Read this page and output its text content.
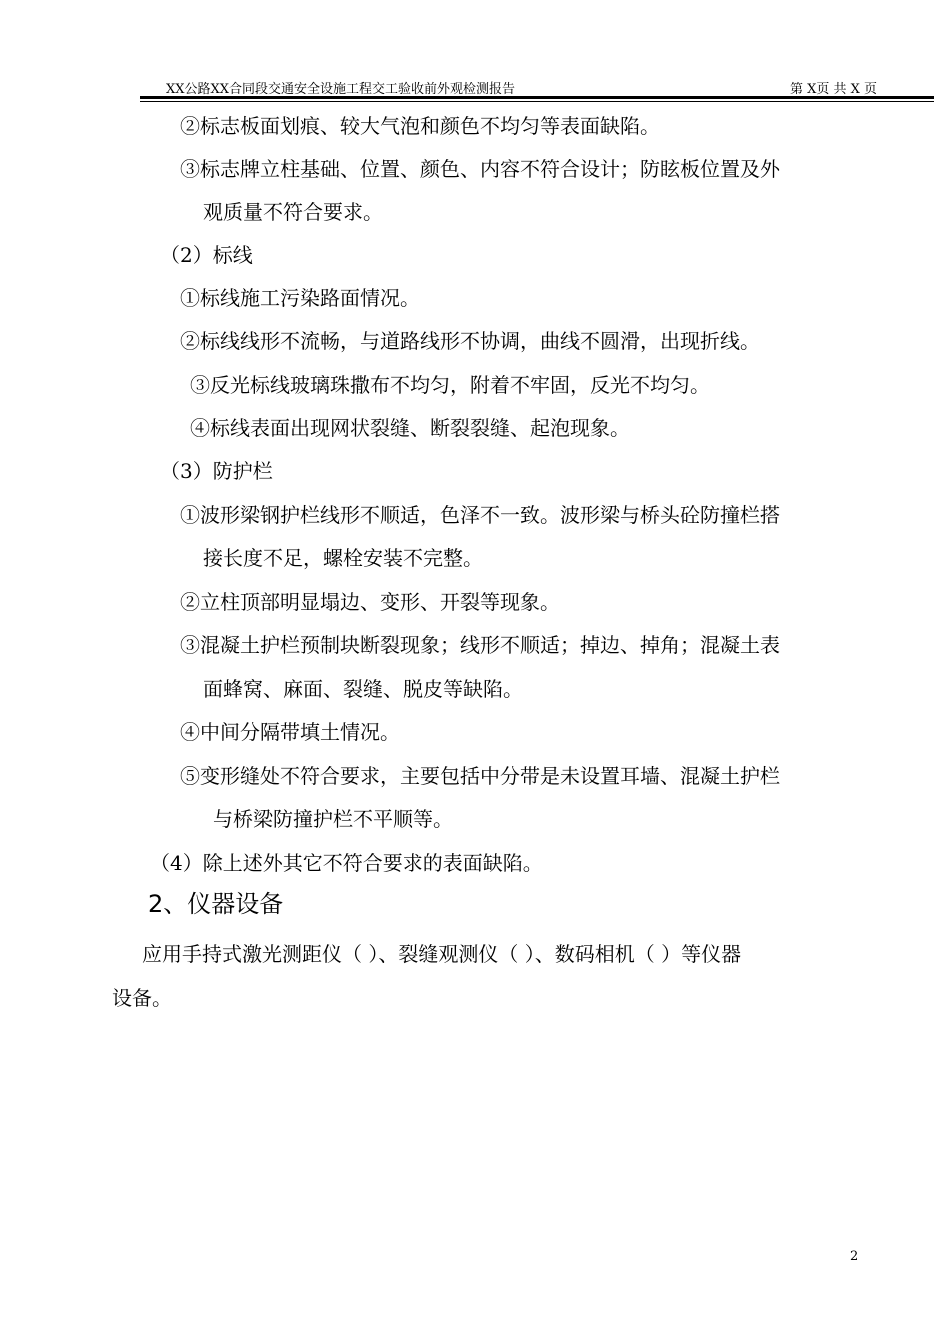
XX公路XX合同段交通安全设施工程交工验收前外观检测报告	第 X页 共 X 页
②标志板面划痕、较大气泡和颜色不均匀等表面缺陷。
③标志牌立柱基础、位置、颜色、内容不符合设计；防眩板位置及外
观质量不符合要求。
（2）标线
①标线施工污染路面情况。
②标线线形不流畅，与道路线形不协调，曲线不圆滑，出现折线。
③反光标线玻璃珠撒布不均匀，附着不牢固，反光不均匀。
④标线表面出现网状裂缝、断裂裂缝、起泡现象。
（3）防护栏
①波形梁钢护栏线形不顺适，色泽不一致。波形梁与桥头砼防撞栏搭
接长度不足，螺栓安装不完整。
②立柱顶部明显塌边、变形、开裂等现象。
③混凝土护栏预制块断裂现象；线形不顺适；掉边、掉角；混凝土表
面蜂窝、麻面、裂缝、脱皮等缺陷。
④中间分隔带填土情况。
⑤变形缝处不符合要求，主要包括中分带是未设置耳墙、混凝土护栏
与桥梁防撞护栏不平顺等。
（4）除上述外其它不符合要求的表面缺陷。
2、仪器设备
应用手持式激光测距仪（ ）、裂缝观测仪（ ）、数码相机（ ）等仪器
设备。
2
